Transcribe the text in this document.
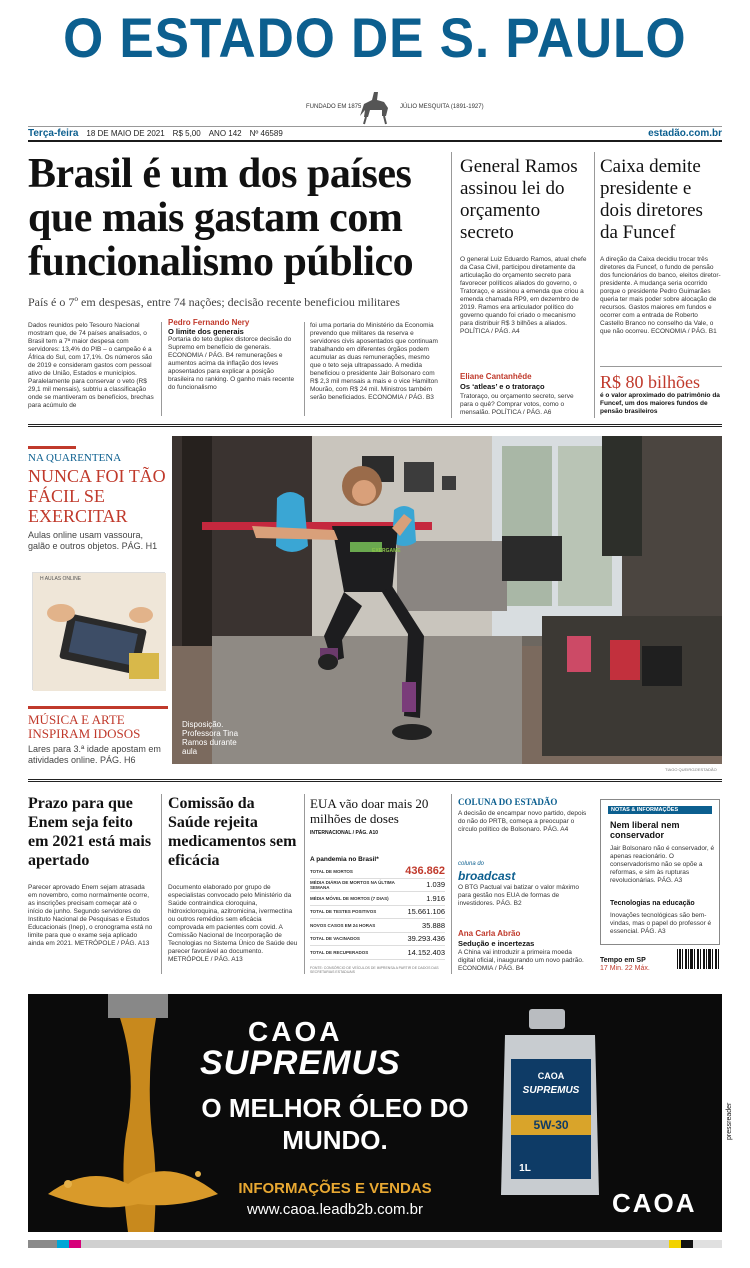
O ESTADO DE S. PAULO
FUNDADO EM 1875	JÚLIO MESQUITA (1891-1927)
Terça-feira 18 DE MAIO DE 2021 R$ 5,00 ANO 142 Nº 46589	estadão.com.br
Brasil é um dos países que mais gastam com funcionalismo público
País é o 7º em despesas, entre 74 nações; decisão recente beneficiou militares
Dados reunidos pelo Tesouro Nacional mostram que, de 74 países analisados, o Brasil tem a 7ª maior despesa com servidores: 13,4% do PIB – o campeão é a África do Sul, com 17,1%. Os números são de 2019 e consideram gastos com pessoal ativo de União, Estados e municípios. Paralelamente para conservar o veto (R$ 29,1 mil mensais), subtriu a classificação onde se mantiveram os benefícios, brechas para acúmulo de
Pedro Fernando Nery
O limite dos generais
Portaria do teto duplex distorce decisão do Supremo em benefício de generais. ECONOMIA / PÁG. B4 remunerações e aumentos acima da inflação dos leves aposentados para explicar a posição brasileira no ranking. O ganho mais recente do funcionalismo
foi uma portaria do Ministério da Economia prevendo que militares da reserva e servidores civis aposentados que continuam trabalhando em diferentes órgãos podem acumular as duas remunerações, mesmo que o teto seja ultrapassado. A medida beneficiou o presidente Jair Bolsonaro com R$ 2,3 mil mensais a mais e o vice Hamilton Mourão, com R$ 24 mil. Ministros também serão beneficiados. ECONOMIA / PÁG. B3
General Ramos assinou lei do orçamento secreto
O general Luiz Eduardo Ramos, atual chefe da Casa Civil, participou diretamente da articulação do orçamento secreto para favorecer políticos aliados do governo, o Tratoraço, e assinou a emenda que criou a emenda chamada RP9, em dezembro de 2019. Ramos era articulador político do governo quando foi criado o mecanismo para distribuir R$ 3 bilhões a aliados. POLÍTICA / PÁG. A4
Eliane Cantanhêde
Os ‘atleas’ e o tratoraço
Tratoraço, ou orçamento secreto, serve para o quê? Comprar votos, como o mensalão. POLÍTICA / PÁG. A6
Caixa demite presidente e dois diretores da Funcef
A direção da Caixa decidiu trocar três diretores da Funcef, o fundo de pensão dos funcionários do banco, eleitos diretor-presidente. A mudança seria ocorrido porque o presidente Pedro Guimarães queria ter mais poder sobre alocação de recursos. Gastos maiores em fundos e ocorrer com a entrada de Roberto Castello Branco no conselho da Vale, o que não ocorreu. ECONOMIA / PÁG. B1
R$ 80 bilhões
é o valor aproximado do patrimônio da Funcef, um dos maiores fundos de pensão brasileiros
NA QUARENTENA
NUNCA FOI TÃO FÁCIL SE EXERCITAR
Aulas online usam vassoura, galão e outros objetos. PÁG. H1
H AULAS ONLINE
MÚSICA E ARTE INSPIRAM IDOSOS
Lares para 3.ª idade apostam em atividades online. PÁG. H6
Disposição. Professora Tina Ramos durante aula
EXERGAME
TIAGO QUEIROZ/ESTADÃO
Prazo para que Enem seja feito em 2021 está mais apertado
Parecer aprovado Enem sejam atrasada em novembro, como normalmente ocorre, as inscrições precisam começar até o início de junho. Segundo servidores do Instituto Nacional de Pesquisas e Estudos Educacionais (Inep), o cronograma está no limite para que o exame seja aplicado ainda em 2021. METRÓPOLE / PÁG. A13
Comissão da Saúde rejeita medicamentos sem eficácia
Documento elaborado por grupo de especialistas convocado pelo Ministério da Saúde contraindica cloroquina, hidroxicloroquina, azitromicina, ivermectina ou outros remédios sem eficácia comprovada em pacientes com covid. A Comissão Nacional de Incorporação de Tecnologias no Sistema Único de Saúde deu parecer favorável ao documento. METRÓPOLE / PÁG. A13
EUA vão doar mais 20 milhões de doses
INTERNACIONAL / PÁG. A10
A pandemia no Brasil*
TOTAL DE MORTOS	436.862
MÉDIA DIÁRIA DE MORTOS NA ÚLTIMA SEMANA	1.039
MÉDIA MÓVEL DE MORTOS (7 DIAS)	1.916
TOTAL DE TESTES POSITIVOS	15.661.106
NOVOS CASOS EM 24 HORAS	35.888
TOTAL DE VACINADOS	39.293.436
TOTAL DE RECUPERADOS	14.152.403
FONTE: CONSÓRCIO DE VEÍCULOS DE IMPRENSA A PARTIR DE DADOS DAS SECRETARIAS ESTADUAIS
COLUNA DO ESTADÃO
A decisão de encampar novo partido, depois do não do PRTB, começa a preocupar o círculo político de Bolsonaro. PÁG. A4
coluna do
broadcast
O BTG Pactual vai batizar o valor máximo para gestão nos EUA de formas de investidores. PÁG. B2
Ana Carla Abrão
Sedução e incertezas
A China vai introduzir a primeira moeda digital oficial, inaugurando um novo padrão. ECONOMIA / PÁG. B4
NOTAS & INFORMAÇÕES
Nem liberal nem conservador
Jair Bolsonaro não é conservador, é apenas reacionário. O conservadorismo não se opõe a reformas, e sim às rupturas revolucionárias. PÁG. A3
Tecnologias na educação
Inovações tecnológicas são bem-vindas, mas o papel do professor é essencial. PÁG. A3
Tempo em SP
17 Min. 22 Máx.
CAOA
SUPREMUS
O MELHOR ÓLEO DO MUNDO.
INFORMAÇÕES E VENDAS
www.caoa.leadb2b.com.br
CAOA
SUPREMUS
5W-30
1L
CAOA
pressreader
